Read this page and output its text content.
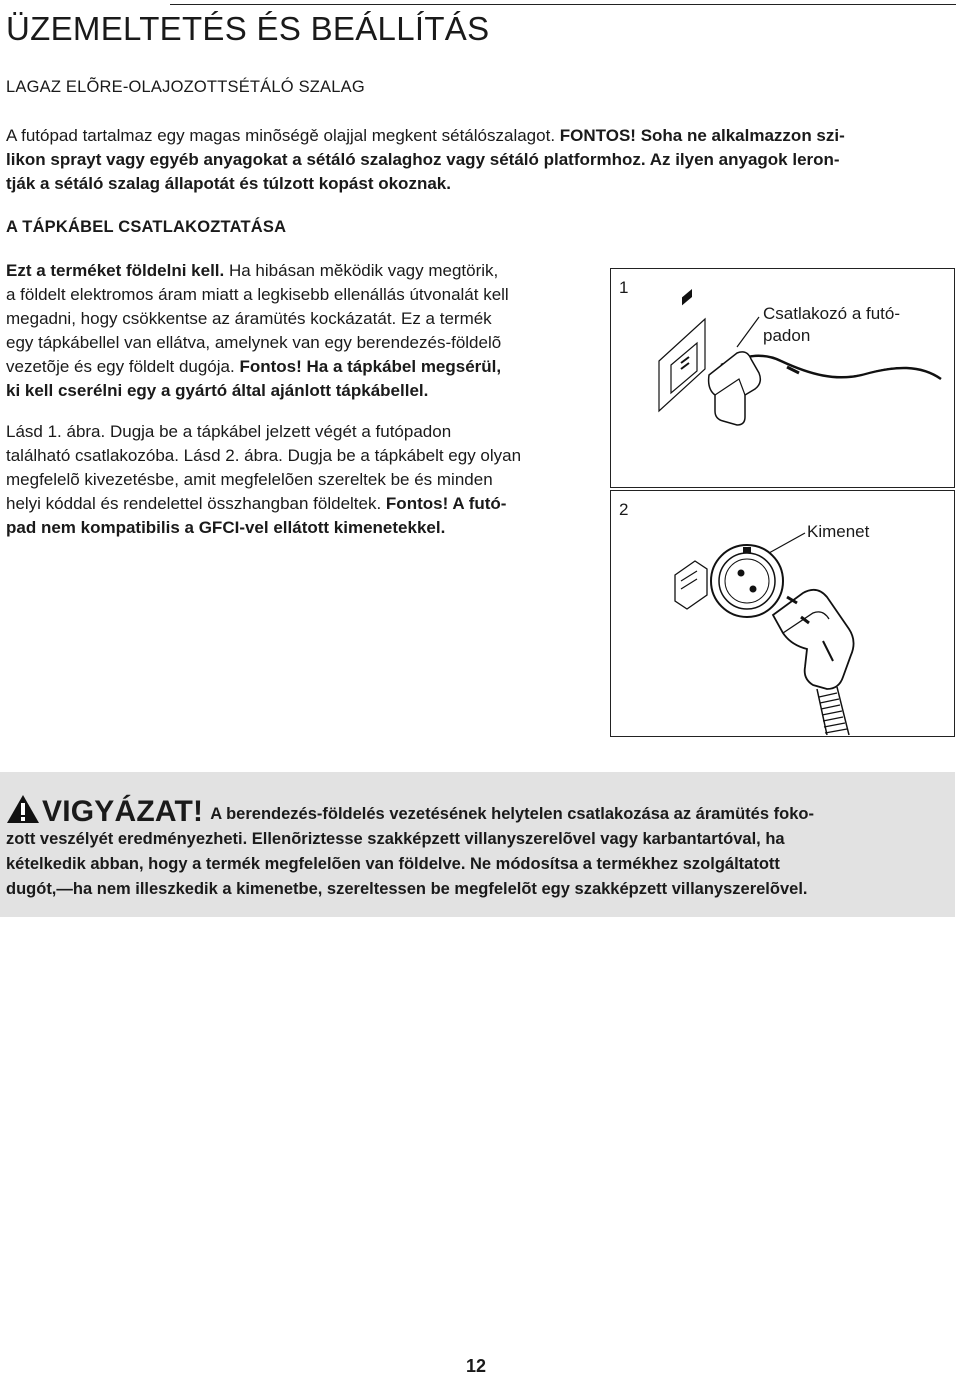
ÜZEMELTETÉS ÉS BEÁLLÍTÁS
LAGAZ ELÕRE-OLAJOZOTTSÉTÁLÓ SZALAG

A futópad tartalmaz egy magas minõségě olajjal megkent sétálószalagot. FONTOS! Soha ne alkalmazzon szi-

likon sprayt vagy egyéb anyagokat a sétáló szalaghoz vagy sétáló platformhoz. Az ilyen anyagok leron-

tják a sétáló szalag állapotát és túlzott kopást okoznak.

A TÁPKÁBEL CSATLAKOZTATÁSA

Ezt a terméket földelni kell. Ha hibásan mĕködik vagy megtörik,

a földelt elektromos áram miatt a legkisebb ellenállás útvonalát kell

megadni, hogy csökkentse az áramütés kockázatát. Ez a termék

egy tápkábellel van ellátva, amelynek van egy berendezés-földelõ

vezetõje és egy földelt dugója. Fontos! Ha a tápkábel megsérül,

ki kell cserélni egy a gyártó által ajánlott tápkábellel.

Lásd 1. ábra. Dugja be a tápkábel jelzett végét a futópadon

található csatlakozóba. Lásd 2. ábra. Dugja be a tápkábelt egy olyan

megfelelõ kivezetésbe, amit megfelelõen szereltek be és minden

helyi kóddal és rendelettel összhangban földeltek. Fontos! A futó-

pad nem kompatibilis a GFCI-vel ellátott kimenetekkel.

1
Csatlakozó a futó-
padon
2
Kimenet

VIGYÁZAT! A berendezés-földelés vezetésének helytelen csatlakozása az áramütés foko-
zott veszélyét eredményezheti. Ellenõriztesse szakképzett villanyszerelõvel vagy karbantartóval, ha
kételkedik abban, hogy a termék megfelelõen van földelve. Ne módosítsa a termékhez szolgáltatott
dugót,—ha nem illeszkedik a kimenetbe, szereltessen be megfelelõt egy szakképzett villanyszerelõvel.

12
